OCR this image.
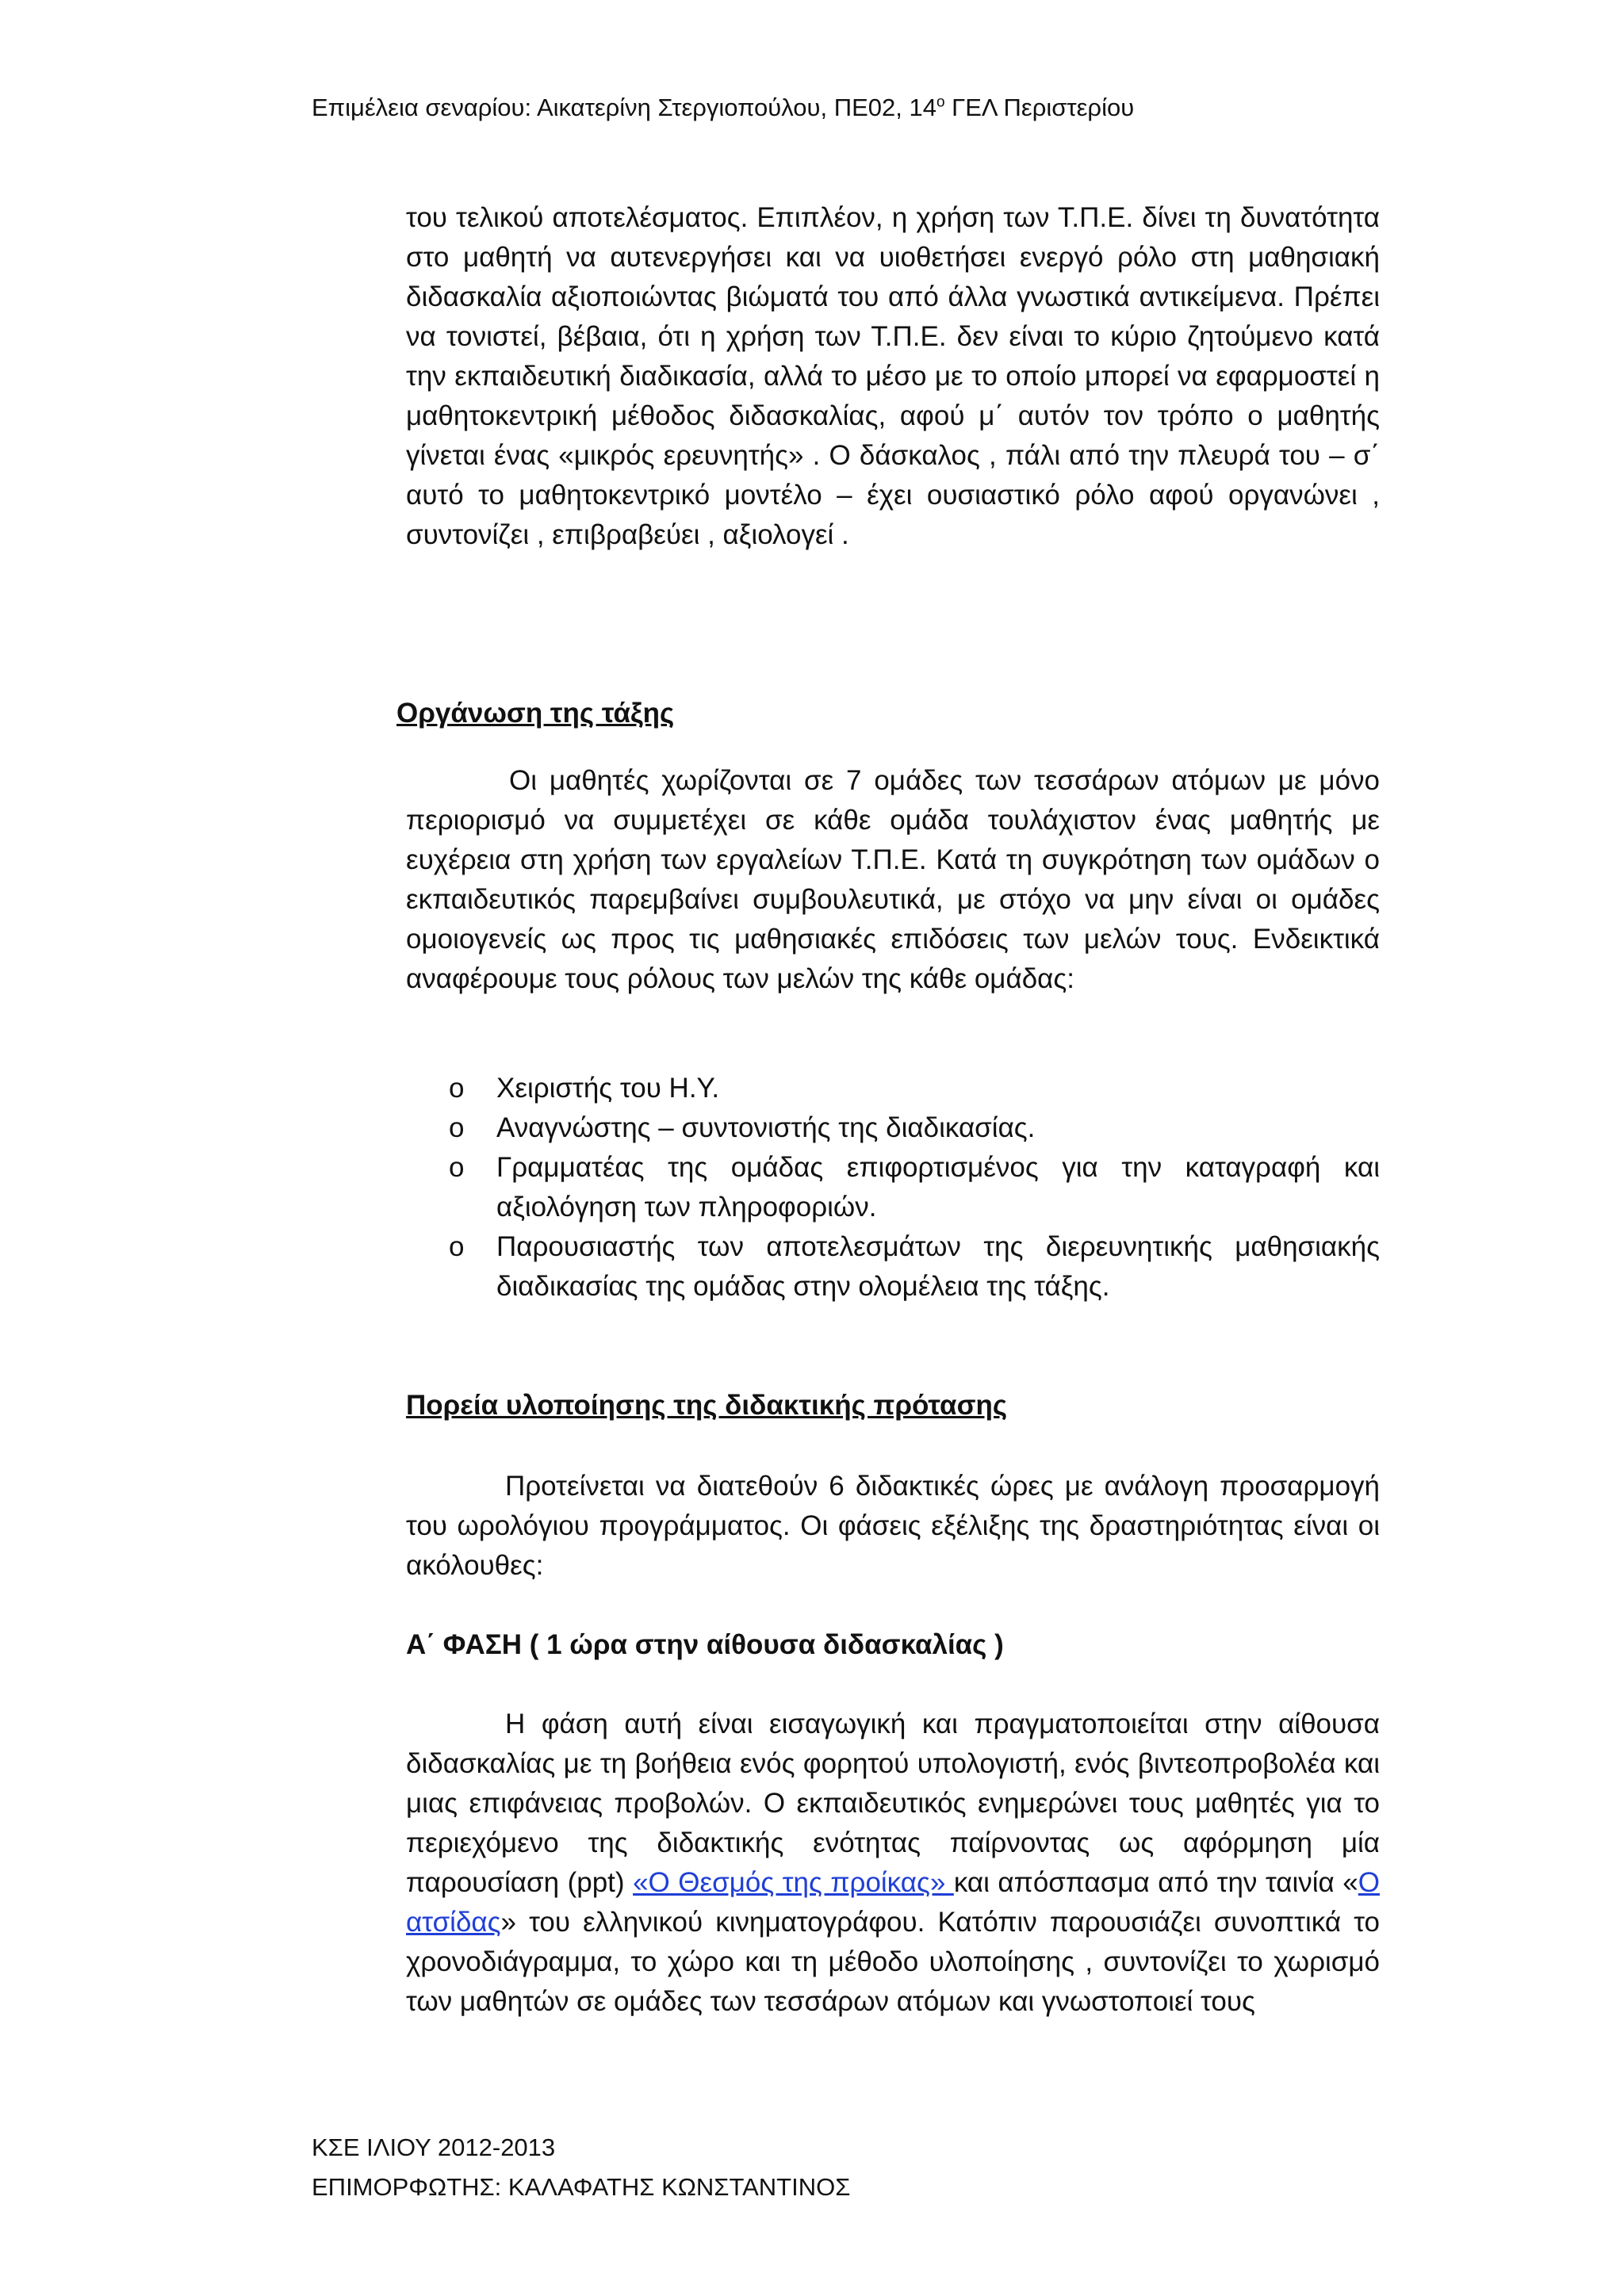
Επιμέλεια σεναρίου: Αικατερίνη Στεργιοπούλου, ΠΕ02, $14^o$ ΓΕΛ Περιστερίου

του τελικού αποτελέσματος. Επιπλέον, η χρήση των Τ.Π.Ε. δίνει τη δυνατότητα στο μαθητή να αυτενεργήσει και να υιοθετήσει ενεργό ρόλο στη μαθησιακή διδασκαλία αξιοποιώντας βιώματά του από άλλα γνωστικά αντικείμενα. Πρέπει να τονιστεί, βέβαια, ότι η χρήση των Τ.Π.Ε. δεν είναι το κύριο ζητούμενο κατά την εκπαιδευτική διαδικασία, αλλά το μέσο με το οποίο μπορεί να εφαρμοστεί η μαθητοκεντρική μέθοδος διδασκαλίας, αφού μ΄ αυτόν τον τρόπο ο μαθητής γίνεται ένας «μικρός ερευνητής» . Ο δάσκαλος , πάλι από την πλευρά του – σ΄ αυτό το μαθητοκεντρικό μοντέλο – έχει ουσιαστικό ρόλο αφού οργανώνει , συντονίζει , επιβραβεύει , αξιολογεί .

Οργάνωση της τάξης

Οι μαθητές χωρίζονται σε 7 ομάδες των τεσσάρων ατόμων με μόνο περιορισμό να συμμετέχει σε κάθε ομάδα τουλάχιστον ένας μαθητής με ευχέρεια στη χρήση των εργαλείων Τ.Π.Ε. Κατά τη συγκρότηση των ομάδων ο εκπαιδευτικός παρεμβαίνει συμβουλευτικά, με στόχο να μην είναι οι ομάδες ομοιογενείς ως προς τις μαθησιακές επιδόσεις των μελών τους. Ενδεικτικά αναφέρουμε τους ρόλους των μελών της κάθε ομάδας:

o Χειριστής του Η.Υ.
o Αναγνώστης – συντονιστής της διαδικασίας.
o Γραμματέας της ομάδας επιφορτισμένος για την καταγραφή και αξιολόγηση των πληροφοριών.
o Παρουσιαστής των αποτελεσμάτων της διερευνητικής μαθησιακής διαδικασίας της ομάδας στην ολομέλεια της τάξης.
Πορεία υλοποίησης της διδακτικής πρότασης

Προτείνεται να διατεθούν 6 διδακτικές ώρες με ανάλογη προσαρμογή του ωρολόγιου προγράμματος. Οι φάσεις εξέλιξης της δραστηριότητας είναι οι ακόλουθες:

Α΄ ΦΑΣΗ ( 1 ώρα στην αίθουσα διδασκαλίας )

Η φάση αυτή είναι εισαγωγική και πραγματοποιείται στην αίθουσα διδασκαλίας με τη βοήθεια ενός φορητού υπολογιστή, ενός βιντεοπροβολέα και μιας επιφάνειας προβολών. Ο εκπαιδευτικός ενημερώνει τους μαθητές για το περιεχόμενο της διδακτικής ενότητας παίρνοντας ως αφόρμηση μία παρουσίαση (ppt) «Ο Θεσμός της προίκας» και απόσπασμα από την ταινία «Ο ατσίδας» του ελληνικού κινηματογράφου. Κατόπιν παρουσιάζει συνοπτικά το χρονοδιάγραμμα, το χώρο και τη μέθοδο υλοποίησης , συντονίζει το χωρισμό των μαθητών σε ομάδες των τεσσάρων ατόμων και γνωστοποιεί τους

ΚΣΕ ΙΛΙΟΥ 2012-2013
ΕΠΙΜΟΡΦΩΤΗΣ: ΚΑΛΑΦΑΤΗΣ ΚΩΝΣΤΑΝΤΙΝΟΣ
